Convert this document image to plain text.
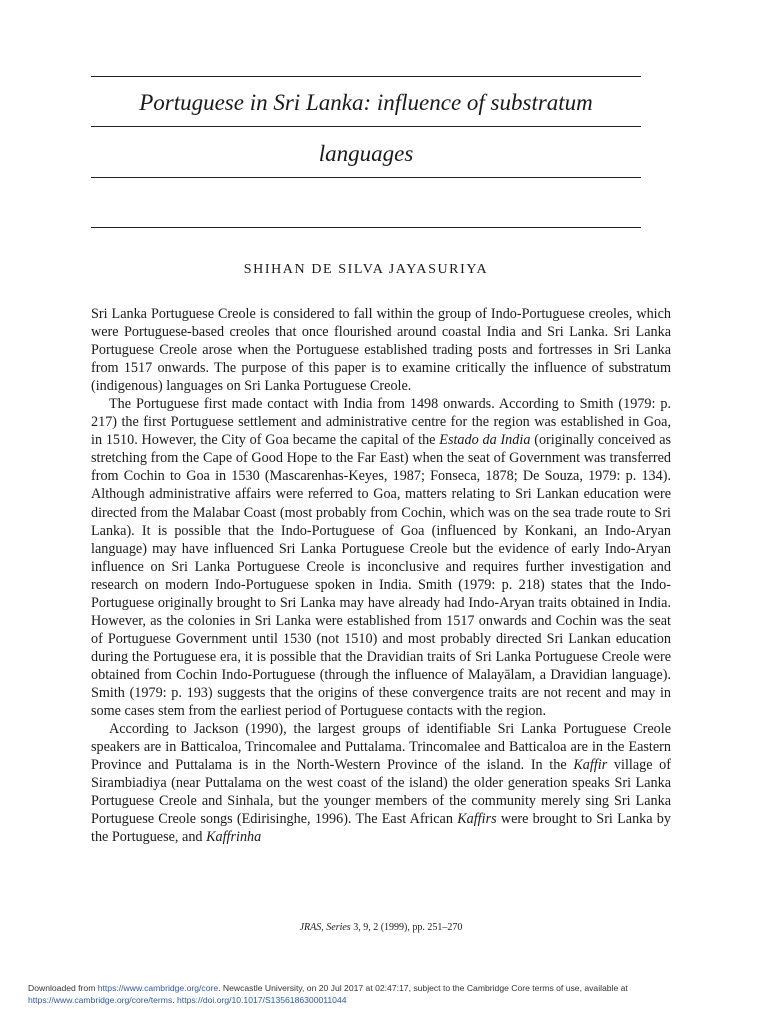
Portuguese in Sri Lanka: influence of substratum
languages
SHIHAN DE SILVA JAYASURIYA

Sri Lanka Portuguese Creole is considered to fall within the group of Indo-Portuguese creoles, which were Portuguese-based creoles that once flourished around coastal India and Sri Lanka. Sri Lanka Portuguese Creole arose when the Portuguese established trading posts and fortresses in Sri Lanka from 1517 onwards. The purpose of this paper is to examine critically the influence of substratum (indigenous) languages on Sri Lanka Portuguese Creole.

The Portuguese first made contact with India from 1498 onwards. According to Smith (1979: p. 217) the first Portuguese settlement and administrative centre for the region was established in Goa, in 1510. However, the City of Goa became the capital of the Estado da India (originally conceived as stretching from the Cape of Good Hope to the Far East) when the seat of Government was transferred from Cochin to Goa in 1530 (Mascarenhas-Keyes, 1987; Fonseca, 1878; De Souza, 1979: p. 134). Although administrative affairs were referred to Goa, matters relating to Sri Lankan education were directed from the Malabar Coast (most probably from Cochin, which was on the sea trade route to Sri Lanka). It is possible that the Indo-Portuguese of Goa (influenced by Konkani, an Indo-Aryan language) may have influenced Sri Lanka Portuguese Creole but the evidence of early Indo-Aryan influence on Sri Lanka Portuguese Creole is inconclusive and requires further investigation and research on modern Indo-Portuguese spoken in India. Smith (1979: p. 218) states that the Indo-Portuguese originally brought to Sri Lanka may have already had Indo-Aryan traits obtained in India. However, as the colonies in Sri Lanka were established from 1517 onwards and Cochin was the seat of Portuguese Government until 1530 (not 1510) and most probably directed Sri Lankan education during the Portuguese era, it is possible that the Dravidian traits of Sri Lanka Portuguese Creole were obtained from Cochin Indo-Portuguese (through the influence of Malayālam, a Dravidian language). Smith (1979: p. 193) suggests that the origins of these convergence traits are not recent and may in some cases stem from the earliest period of Portuguese contacts with the region.

According to Jackson (1990), the largest groups of identifiable Sri Lanka Portuguese Creole speakers are in Batticaloa, Trincomalee and Puttalama. Trincomalee and Batticaloa are in the Eastern Province and Puttalama is in the North-Western Province of the island. In the Kaffir village of Sirambiadiya (near Puttalama on the west coast of the island) the older generation speaks Sri Lanka Portuguese Creole and Sinhala, but the younger members of the community merely sing Sri Lanka Portuguese Creole songs (Edirisinghe, 1996). The East African Kaffirs were brought to Sri Lanka by the Portuguese, and Kaffrinha

JRAS, Series 3, 9, 2 (1999), pp. 251–270
Downloaded from https://www.cambridge.org/core. Newcastle University, on 20 Jul 2017 at 02:47:17, subject to the Cambridge Core terms of use, available at https://www.cambridge.org/core/terms. https://doi.org/10.1017/S1356186300011044
